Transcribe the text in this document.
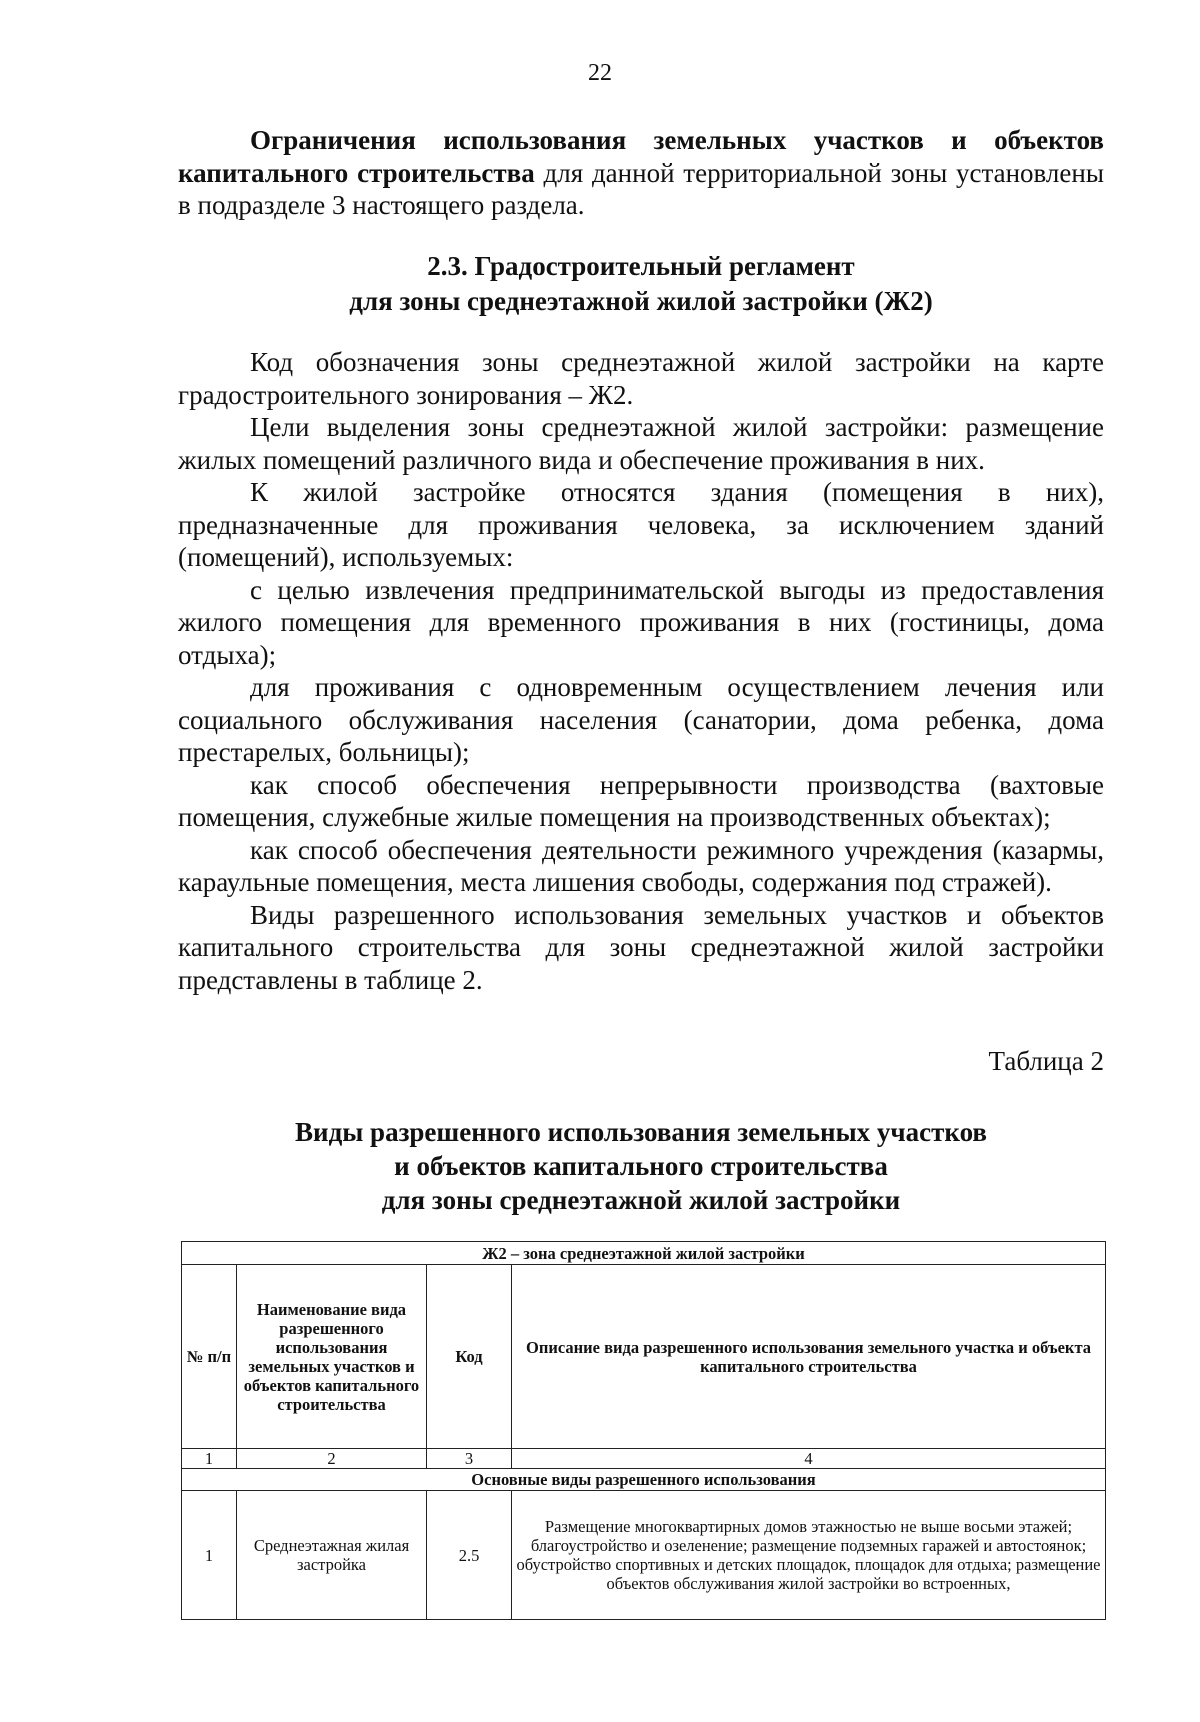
22

Ограничения использования земельных участков и объектов капитального строительства для данной территориальной зоны установлены в подразделе 3 настоящего раздела.

2.3. Градостроительный регламент
для зоны среднеэтажной жилой застройки (Ж2)

Код обозначения зоны среднеэтажной жилой застройки на карте градостроительного зонирования – Ж2.

Цели выделения зоны среднеэтажной жилой застройки: размещение жилых помещений различного вида и обеспечение проживания в них.

К жилой застройке относятся здания (помещения в них), предназначенные для проживания человека, за исключением зданий (помещений), используемых:

с целью извлечения предпринимательской выгоды из предоставления жилого помещения для временного проживания в них (гостиницы, дома отдыха);

для проживания с одновременным осуществлением лечения или социального обслуживания населения (санатории, дома ребенка, дома престарелых, больницы);

как способ обеспечения непрерывности производства (вахтовые помещения, служебные жилые помещения на производственных объектах);

как способ обеспечения деятельности режимного учреждения (казармы, караульные помещения, места лишения свободы, содержания под стражей).

Виды разрешенного использования земельных участков и объектов капитального строительства для зоны среднеэтажной жилой застройки представлены в таблице 2.

Таблица 2
Виды разрешенного использования земельных участков
и объектов капитального строительства
для зоны среднеэтажной жилой застройки
Ж2 – зона среднеэтажной жилой застройки			
№ п/п	Наименование вида разрешенного использования земельных участков и объектов капитального строительства	Код	Описание вида разрешенного использования земельного участка и объекта капитального строительства
1	2	3	4
Основные виды разрешенного использования			
1	Среднеэтажная жилая застройка	2.5	Размещение многоквартирных домов этажностью не выше восьми этажей; благоустройство и озеленение; размещение подземных гаражей и автостоянок; обустройство спортивных и детских площадок, площадок для отдыха; размещение объектов обслуживания жилой застройки во встроенных,
